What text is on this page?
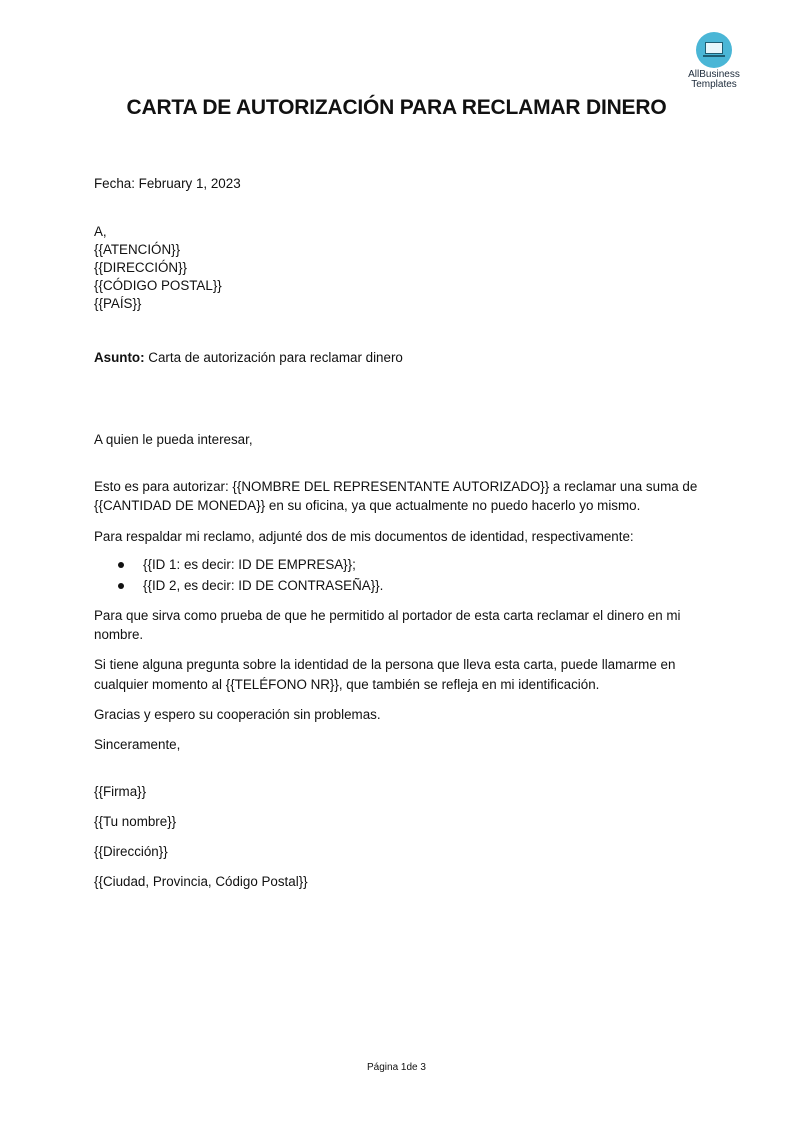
AllBusiness
Templates
CARTA DE AUTORIZACIÓN PARA RECLAMAR DINERO
Fecha: February 1, 2023
A,
{{ATENCIÓN}}
{{DIRECCIÓN}}
{{CÓDIGO POSTAL}}
{{PAÍS}}
Asunto: Carta de autorización para reclamar dinero
A quien le pueda interesar,
Esto es para autorizar: {{NOMBRE DEL REPRESENTANTE AUTORIZADO}} a reclamar una suma de
{{CANTIDAD DE MONEDA}} en su oficina, ya que actualmente no puedo hacerlo yo mismo.
Para respaldar mi reclamo, adjunté dos de mis documentos de identidad, respectivamente:
{{ID 1: es decir: ID DE EMPRESA}};
{{ID 2, es decir: ID DE CONTRASEÑA}}.
Para que sirva como prueba de que he permitido al portador de esta carta reclamar el dinero en mi
nombre.
Si tiene alguna pregunta sobre la identidad de la persona que lleva esta carta, puede llamarme en
cualquier momento al {{TELÉFONO NR}}, que también se refleja en mi identificación.
Gracias y espero su cooperación sin problemas.
Sinceramente,
{{Firma}}
{{Tu nombre}}
{{Dirección}}
{{Ciudad, Provincia, Código Postal}}
Página 1de 3
